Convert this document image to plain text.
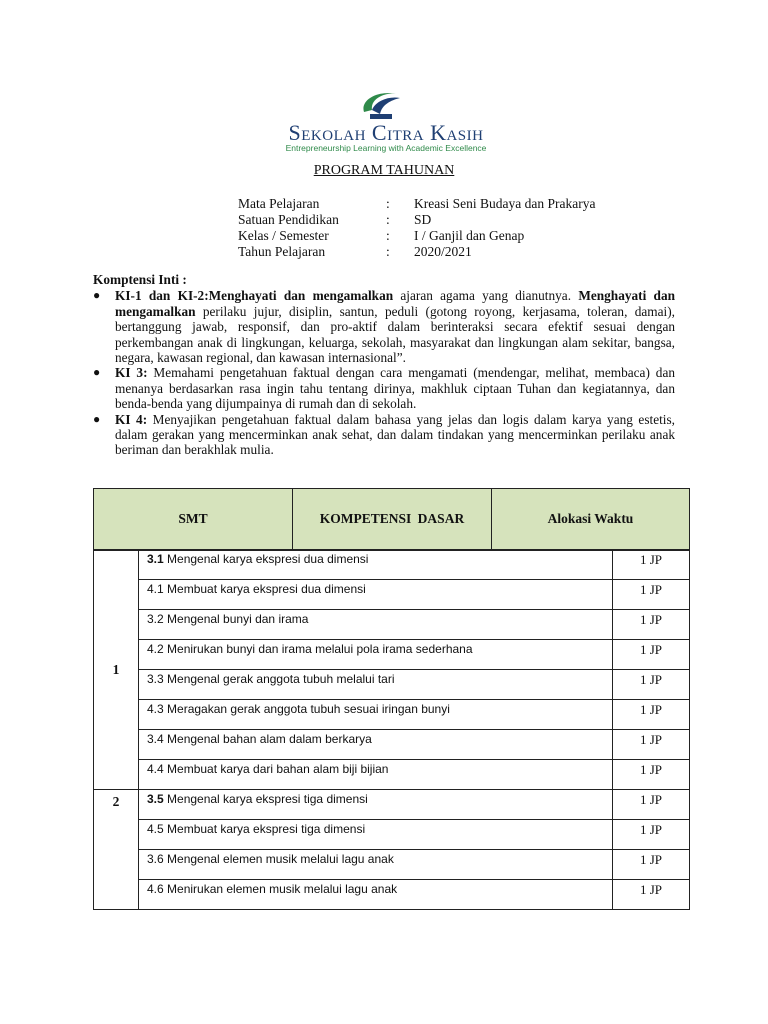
Sekolah Citra Kasih
Entrepreneurship Learning with Academic Excellence
PROGRAM TAHUNAN
Mata Pelajaran	: Kreasi Seni Budaya dan Prakarya
Satuan Pendidikan	: SD
Kelas / Semester	: I / Ganjil dan Genap
Tahun Pelajaran	: 2020/2021
Komptensi Inti :
● KI-1 dan KI-2:Menghayati dan mengamalkan ajaran agama yang dianutnya. Menghayati dan mengamalkan perilaku jujur, disiplin, santun, peduli (gotong royong, kerjasama, toleran, damai), bertanggung jawab, responsif, dan pro-aktif dalam berinteraksi secara efektif sesuai dengan perkembangan anak di lingkungan, keluarga, sekolah, masyarakat dan lingkungan alam sekitar, bangsa, negara, kawasan regional, dan kawasan internasional”.
● KI 3: Memahami pengetahuan faktual dengan cara mengamati (mendengar, melihat, membaca) dan menanya berdasarkan rasa ingin tahu tentang dirinya, makhluk ciptaan Tuhan dan kegiatannya, dan benda-benda yang dijumpainya di rumah dan di sekolah.
● KI 4: Menyajikan pengetahuan faktual dalam bahasa yang jelas dan logis dalam karya yang estetis, dalam gerakan yang mencerminkan anak sehat, dan dalam tindakan yang mencerminkan perilaku anak beriman dan berakhlak mulia.
SMT	KOMPETENSI DASAR	Alokasi Waktu	

1	3.1 Mengenal karya ekspresi dua dimensi	1 JP
	4.1 Membuat karya ekspresi dua dimensi	1 JP
	3.2 Mengenal bunyi dan irama	1 JP
	4.2 Menirukan bunyi dan irama melalui pola irama sederhana	1 JP
	3.3 Mengenal gerak anggota tubuh melalui tari	1 JP
	4.3 Meragakan gerak anggota tubuh sesuai iringan bunyi	1 JP
	3.4 Mengenal bahan alam dalam berkarya	1 JP
	4.4 Membuat karya dari bahan alam biji bijian	1 JP
2	3.5 Mengenal karya ekspresi tiga dimensi	1 JP
	4.5 Membuat karya ekspresi tiga dimensi	1 JP
	3.6 Mengenal elemen musik melalui lagu anak	1 JP
	4.6 Menirukan elemen musik melalui lagu anak	1 JP
